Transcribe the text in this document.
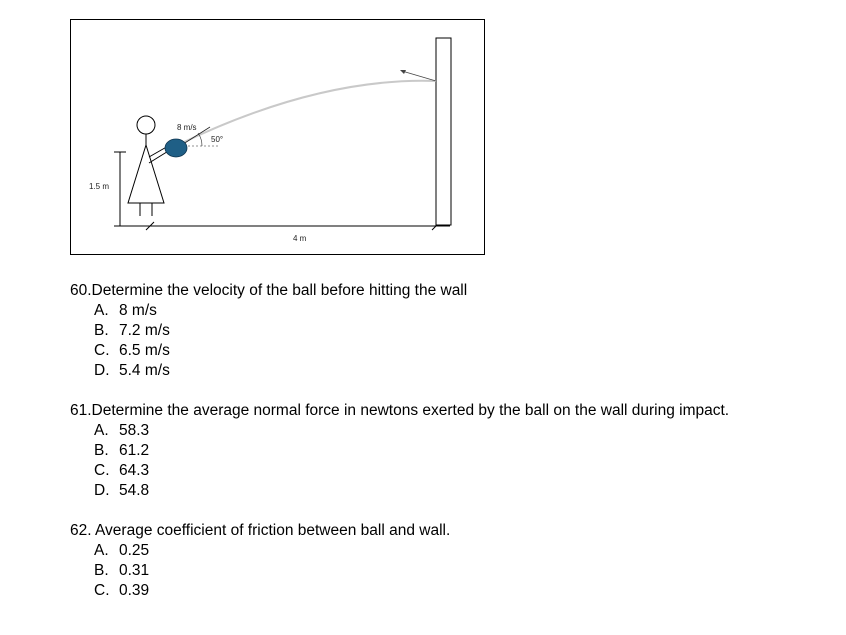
1.5 m
8 m/s
50°
4 m
60.Determine the velocity of the ball before hitting the wall
A. 8 m/s
B. 7.2 m/s
C. 6.5 m/s
D. 5.4 m/s
61.Determine the average normal force in newtons exerted by the ball on the wall during impact.
A. 58.3
B. 61.2
C. 64.3
D. 54.8
62. Average coefficient of friction between ball and wall.
A. 0.25
B. 0.31
C. 0.39
